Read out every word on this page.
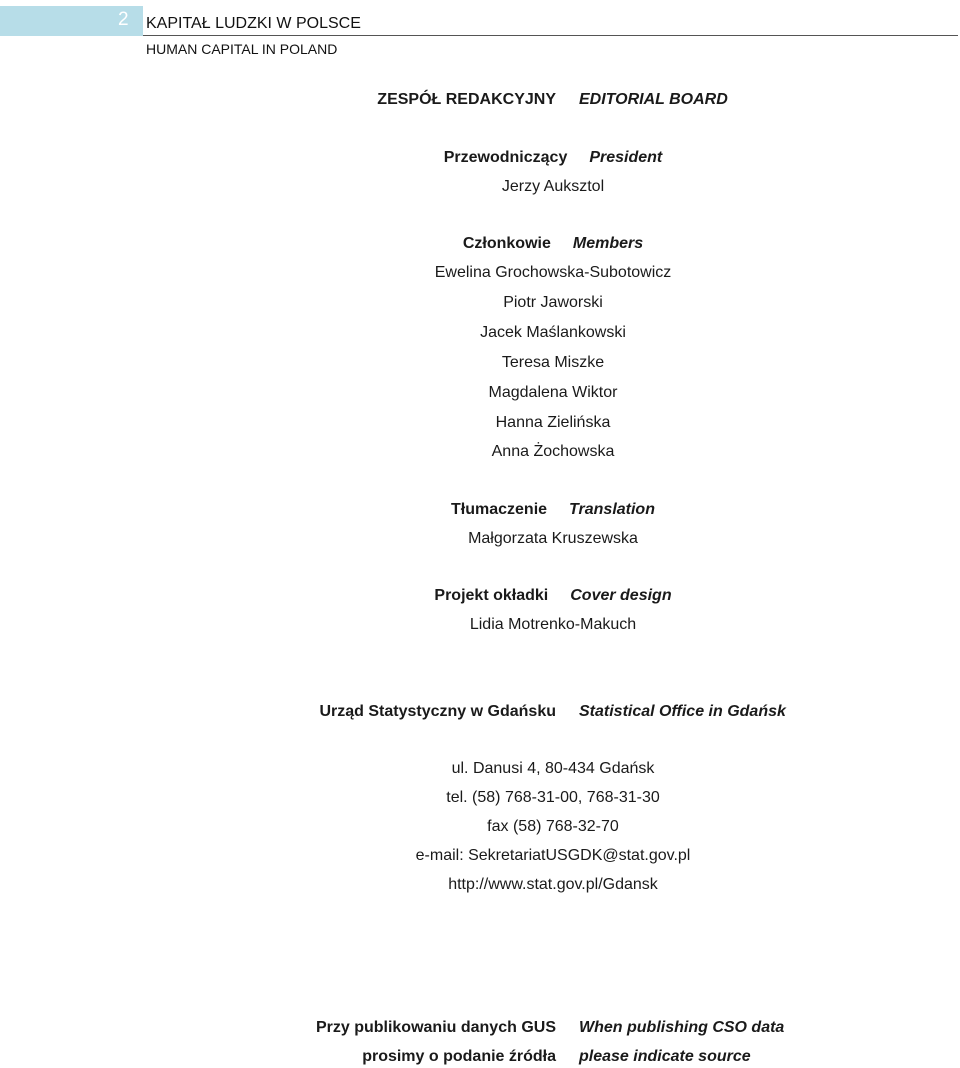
2 KAPITAŁ LUDZKI W POLSCE
HUMAN CAPITAL IN POLAND
ZESPÓŁ REDAKCYJNY EDITORIAL BOARD
Przewodniczący President
Jerzy Auksztol
Członkowie Members
Ewelina Grochowska-Subotowicz
Piotr Jaworski
Jacek Maślankowski
Teresa Miszke
Magdalena Wiktor
Hanna Zielińska
Anna Żochowska
Tłumaczenie Translation
Małgorzata Kruszewska
Projekt okładki Cover design
Lidia Motrenko-Makuch
Urząd Statystyczny w Gdańsku Statistical Office in Gdańsk
ul. Danusi 4, 80-434 Gdańsk
tel. (58) 768-31-00, 768-31-30
fax (58) 768-32-70
e-mail: SekretariatUSGDK@stat.gov.pl
http://www.stat.gov.pl/Gdansk
Przy publikowaniu danych GUS When publishing CSO data
prosimy o podanie źródła please indicate source
